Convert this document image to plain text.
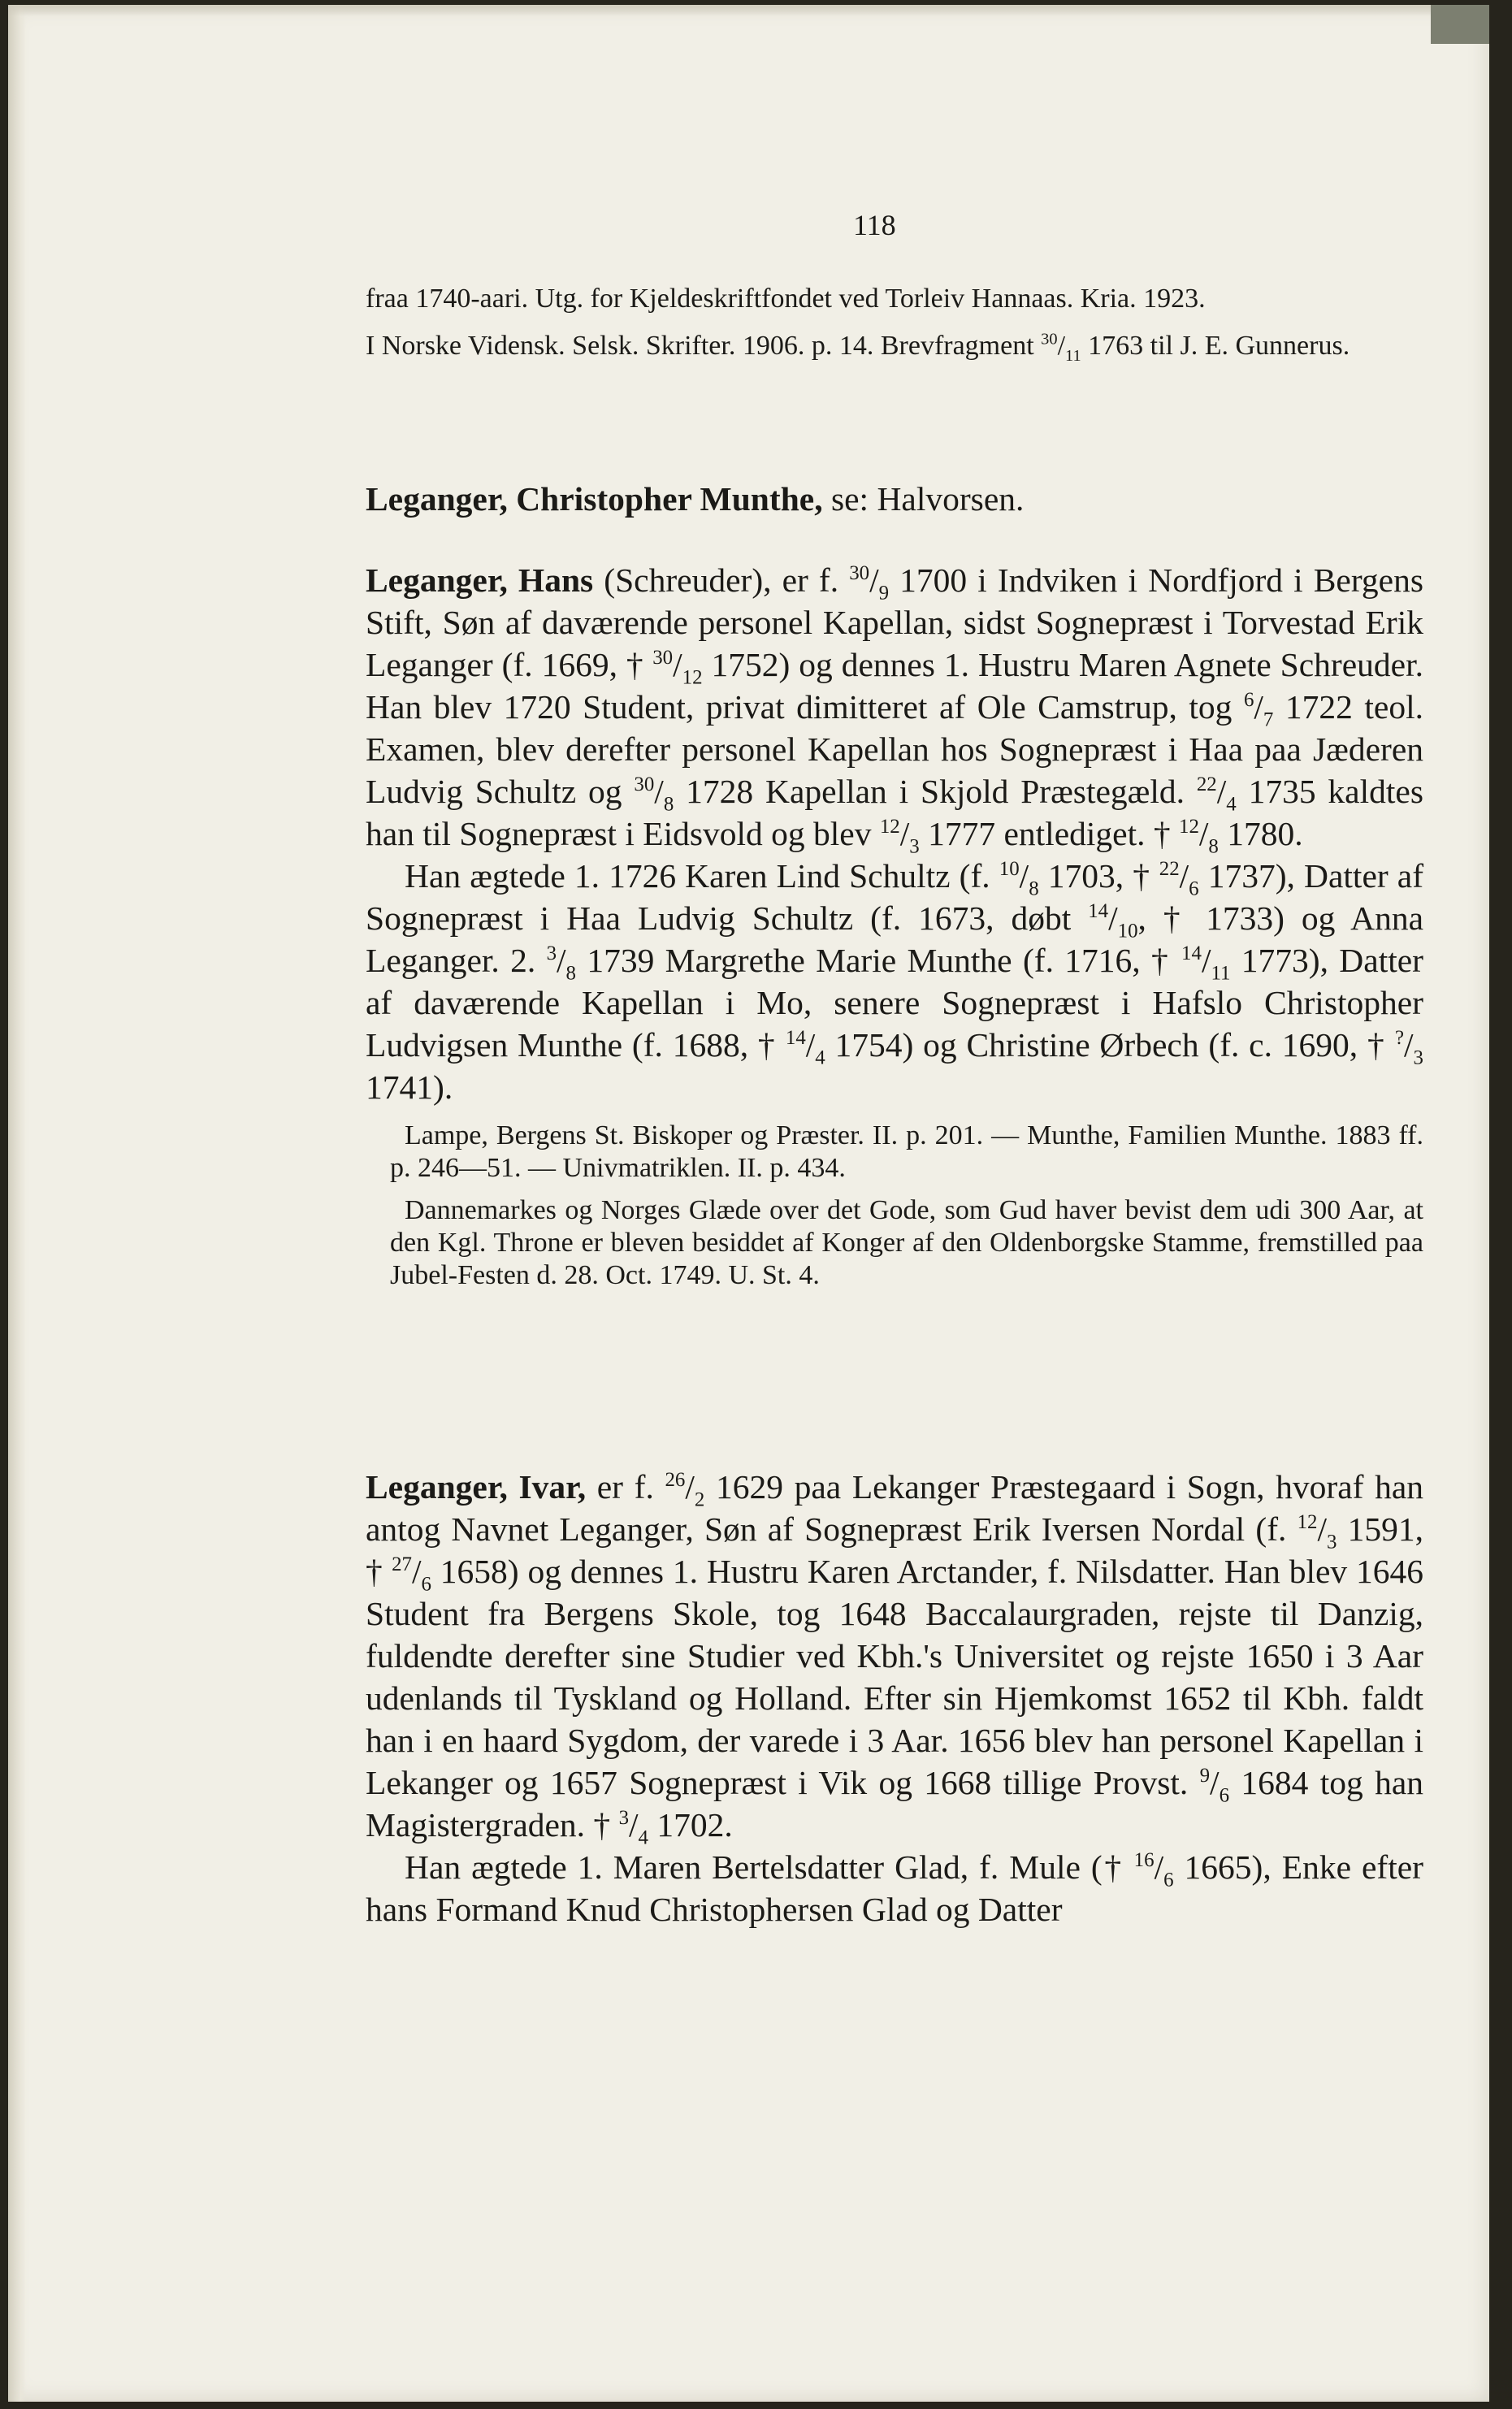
118

fraa 1740-aari. Utg. for Kjeldeskriftfondet ved Torleiv Hannaas. Kria. 1923.

I Norske Vidensk. Selsk. Skrifter. 1906. p. 14. Brevfragment $^{30}/_{11}$ 1763 til J. E. Gunnerus.

Leganger, Christopher Munthe, se: Halvorsen.

Leganger, Hans (Schreuder), er f. $^{30}/_9$ 1700 i Indviken i Nordfjord i Bergens Stift, Søn af daværende personel Kapellan, sidst Sognepræst i Torvestad Erik Leganger (f. 1669, † $^{30}/_{12}$ 1752) og dennes 1. Hustru Maren Agnete Schreuder. Han blev 1720 Student, privat dimitteret af Ole Camstrup, tog $^6/_7$ 1722 teol. Examen, blev derefter personel Kapellan hos Sognepræst i Haa paa Jæderen Ludvig Schultz og $^{30}/_8$ 1728 Kapellan i Skjold Præstegæld. $^{22}/_4$ 1735 kaldtes han til Sognepræst i Eidsvold og blev $^{12}/_3$ 1777 entlediget. † $^{12}/_8$ 1780.

Han ægtede 1. 1726 Karen Lind Schultz (f. $^{10}/_8$ 1703, † $^{22}/_6$ 1737), Datter af Sognepræst i Haa Ludvig Schultz (f. 1673, døbt $^{14}/_{10}$, † 1733) og Anna Leganger. 2. $^3/_8$ 1739 Margrethe Marie Munthe (f. 1716, † $^{14}/_{11}$ 1773), Datter af daværende Kapellan i Mo, senere Sognepræst i Hafslo Christopher Ludvigsen Munthe (f. 1688, † $^{14}/_4$ 1754) og Christine Ørbech (f. c. 1690, † $^?/_3$ 1741).

Lampe, Bergens St. Biskoper og Præster. II. p. 201. — Munthe, Familien Munthe. 1883 ff. p. 246—51. — Univmatriklen. II. p. 434.

Dannemarkes og Norges Glæde over det Gode, som Gud haver bevist dem udi 300 Aar, at den Kgl. Throne er bleven besiddet af Konger af den Oldenborgske Stamme, fremstilled paa Jubel-Festen d. 28. Oct. 1749. U. St. 4.

Leganger, Ivar, er f. $^{26}/_2$ 1629 paa Lekanger Præstegaard i Sogn, hvoraf han antog Navnet Leganger, Søn af Sognepræst Erik Iversen Nordal (f. $^{12}/_3$ 1591, † $^{27}/_6$ 1658) og dennes 1. Hustru Karen Arctander, f. Nilsdatter. Han blev 1646 Student fra Bergens Skole, tog 1648 Baccalaurgraden, rejste til Danzig, fuldendte derefter sine Studier ved Kbh.'s Universitet og rejste 1650 i 3 Aar udenlands til Tyskland og Holland. Efter sin Hjemkomst 1652 til Kbh. faldt han i en haard Sygdom, der varede i 3 Aar. 1656 blev han personel Kapellan i Lekanger og 1657 Sognepræst i Vik og 1668 tillige Provst. $^9/_6$ 1684 tog han Magistergraden. † $^3/_4$ 1702.

Han ægtede 1. Maren Bertelsdatter Glad, f. Mule († $^{16}/_6$ 1665), Enke efter hans Formand Knud Christophersen Glad og Datter
